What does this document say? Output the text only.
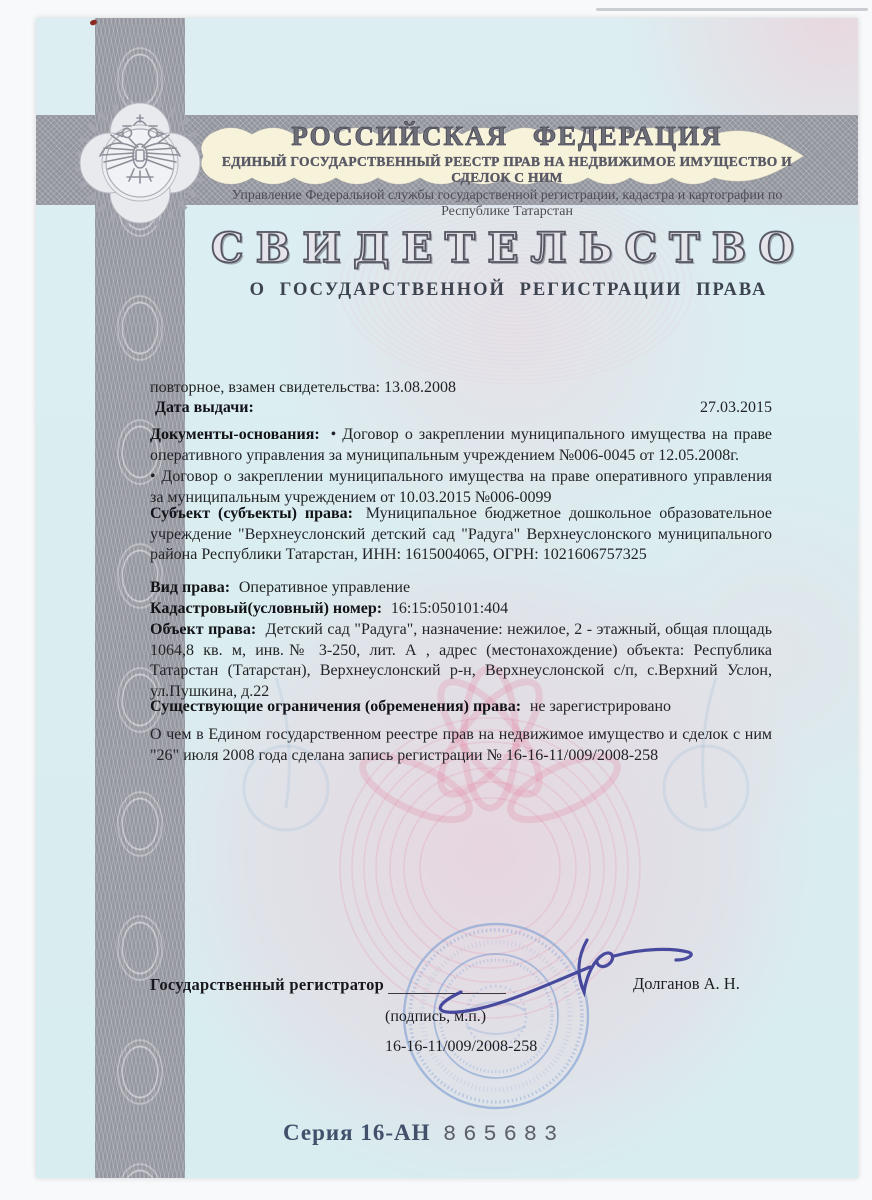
РОССИЙСКАЯ ФЕДЕРАЦИЯ
ЕДИНЫЙ ГОСУДАРСТВЕННЫЙ РЕЕСТР ПРАВ НА НЕДВИЖИМОЕ ИМУЩЕСТВО И СДЕЛОК С НИМ
Управление Федеральной службы государственной регистрации, кадастра и картографии по Республике Татарстан
СВИДЕТЕЛЬСТВО
О ГОСУДАРСТВЕННОЙ РЕГИСТРАЦИИ ПРАВА

повторное, взамен свидетельства: 13.08.2008

Дата выдачи:	27.03.2015

Документы-основания: • Договор о закреплении муниципального имущества на праве оперативного управления за муниципальным учреждением №006-0045 от 12.05.2008г.

• Договор о закреплении муниципального имущества на праве оперативного управления за муниципальным учреждением от 10.03.2015 №006-0099

Субъект (субъекты) права: Муниципальное бюджетное дошкольное образовательное учреждение "Верхнеуслонский детский сад "Радуга" Верхнеуслонского муниципального района Республики Татарстан, ИНН: 1615004065, ОГРН: 1021606757325

Вид права: Оперативное управление

Кадастровый(условный) номер: 16:15:050101:404

Объект права: Детский сад "Радуга", назначение: нежилое, 2 - этажный, общая площадь 1064,8 кв. м, инв.№ 3-250, лит. А , адрес (местонахождение) объекта: Республика Татарстан (Татарстан), Верхнеуслонский р-н, Верхнеуслонской с/п, с.Верхний Услон, ул.Пушкина, д.22

Существующие ограничения (обременения) права: не зарегистрировано

О чем в Едином государственном реестре прав на недвижимое имущество и сделок с ним "26" июля 2008 года сделана запись регистрации № 16-16-11/009/2008-258

Государственный регистратор	Долганов А. Н.
(подпись, м.п.)
16-16-11/009/2008-258
Серия 16-АН 865683
